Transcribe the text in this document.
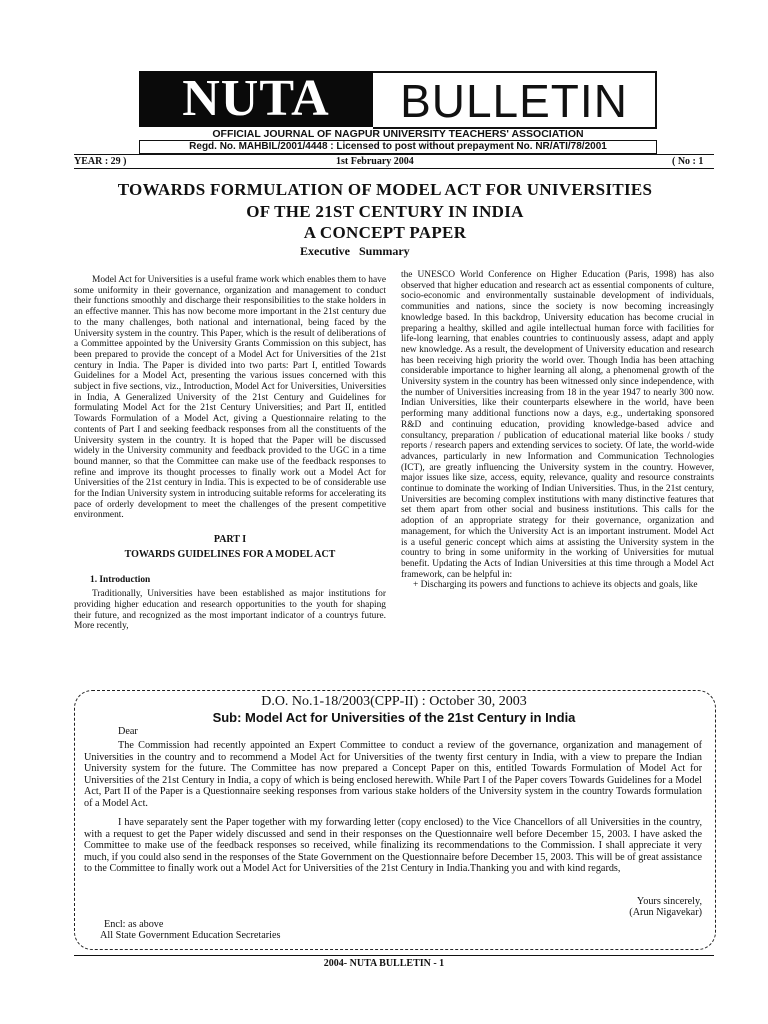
NUTA	BULLETIN
OFFICIAL JOURNAL OF NAGPUR UNIVERSITY TEACHERS' ASSOCIATION
Regd. No. MAHBIL/2001/4448 : Licensed to post without prepayment No. NR/ATI/78/2001
YEAR : 29 )	1st February 2004	( No : 1
TOWARDS FORMULATION OF MODEL ACT FOR UNIVERSITIES
OF THE 21ST CENTURY IN INDIA
A CONCEPT PAPER
Executive Summary

Model Act for Universities is a useful frame work which enables them to have some uniformity in their governance, organization and management to conduct their functions smoothly and discharge their responsibilities to the stake holders in an effective manner. This has now become more important in the 21st century due to the many challenges, both national and international, being faced by the University system in the country. This Paper, which is the result of deliberations of a Committee appointed by the University Grants Commission on this subject, has been prepared to provide the concept of a Model Act for Universities of the 21st century in India. The Paper is divided into two parts: Part I, entitled Towards Guidelines for a Model Act, presenting the various issues concerned with this subject in five sections, viz., Introduction, Model Act for Universities, Universities in India, A Generalized University of the 21st Century and Guidelines for formulating Model Act for the 21st Century Universities; and Part II, entitled Towards Formulation of a Model Act, giving a Questionnaire relating to the contents of Part I and seeking feedback responses from all the constituents of the University system in the country. It is hoped that the Paper will be discussed widely in the University community and feedback provided to the UGC in a time bound manner, so that the Committee can make use of the feedback responses to refine and improve its thought processes to finally work out a Model Act for Universities of the 21st century in India. This is expected to be of considerable use for the Indian University system in introducing suitable reforms for accelerating its pace of orderly development to meet the challenges of the present competitive environment.

PART I
TOWARDS GUIDELINES FOR A MODEL ACT
1. Introduction

Traditionally, Universities have been established as major institutions for providing higher education and research opportunities to the youth for shaping their future, and recognized as the most important indicator of a countrys future. More recently,

the UNESCO World Conference on Higher Education (Paris, 1998) has also observed that higher education and research act as essential components of culture, socio-economic and environmentally sustainable development of individuals, communities and nations, since the society is now becoming increasingly knowledge based. In this backdrop, University education has become crucial in preparing a healthy, skilled and agile intellectual human force with facilities for life-long learning, that enables countries to continuously assess, adapt and apply new knowledge. As a result, the development of University education and research has been receiving high priority the world over. Though India has been attaching considerable importance to higher learning all along, a phenomenal growth of the University system in the country has been witnessed only since independence, with the number of Universities increasing from 18 in the year 1947 to nearly 300 now. Indian Universities, like their counterparts elsewhere in the world, have been performing many additional functions now a days, e.g., undertaking sponsored R&D and continuing education, providing knowledge-based advice and consultancy, preparation / publication of educational material like books / study reports / research papers and extending services to society. Of late, the world-wide advances, particularly in new Information and Communication Technologies (ICT), are greatly influencing the University system in the country. However, major issues like size, access, equity, relevance, quality and resource constraints continue to dominate the working of Indian Universities. Thus, in the 21st century, Universities are becoming complex institutions with many distinctive features that set them apart from other social and business institutions. This calls for the adoption of an appropriate strategy for their governance, organization and management, for which the University Act is an important instrument. Model Act is a useful generic concept which aims at assisting the University system in the country to bring in some uniformity in the working of Universities for mutual benefit. Updating the Acts of Indian Universities at this time through a Model Act framework, can be helpful in:

+ Discharging its powers and functions to achieve its objects and goals, like

D.O. No.1-18/2003(CPP-II) : October 30, 2003
Sub: Model Act for Universities of the 21st Century in India
Dear

The Commission had recently appointed an Expert Committee to conduct a review of the governance, organization and management of Universities in the country and to recommend a Model Act for Universities of the twenty first century in India, with a view to prepare the Indian University system for the future. The Committee has now prepared a Concept Paper on this, entitled Towards Formulation of Model Act for Universities of the 21st Century in India, a copy of which is being enclosed herewith. While Part I of the Paper covers Towards Guidelines for a Model Act, Part II of the Paper is a Questionnaire seeking responses from various stake holders of the University system in the country Towards formulation of a Model Act.

I have separately sent the Paper together with my forwarding letter (copy enclosed) to the Vice Chancellors of all Universities in the country, with a request to get the Paper widely discussed and send in their responses on the Questionnaire well before December 15, 2003. I have asked the Committee to make use of the feedback responses so received, while finalizing its recommendations to the Commission. I shall appreciate it very much, if you could also send in the responses of the State Government on the Questionnaire before December 15, 2003. This will be of great assistance to the Committee to finally work out a Model Act for Universities of the 21st Century in India.Thanking you and with kind regards,

Yours sincerely,
(Arun Nigavekar)
Encl: as above
All State Government Education Secretaries
2004- NUTA BULLETIN - 1
